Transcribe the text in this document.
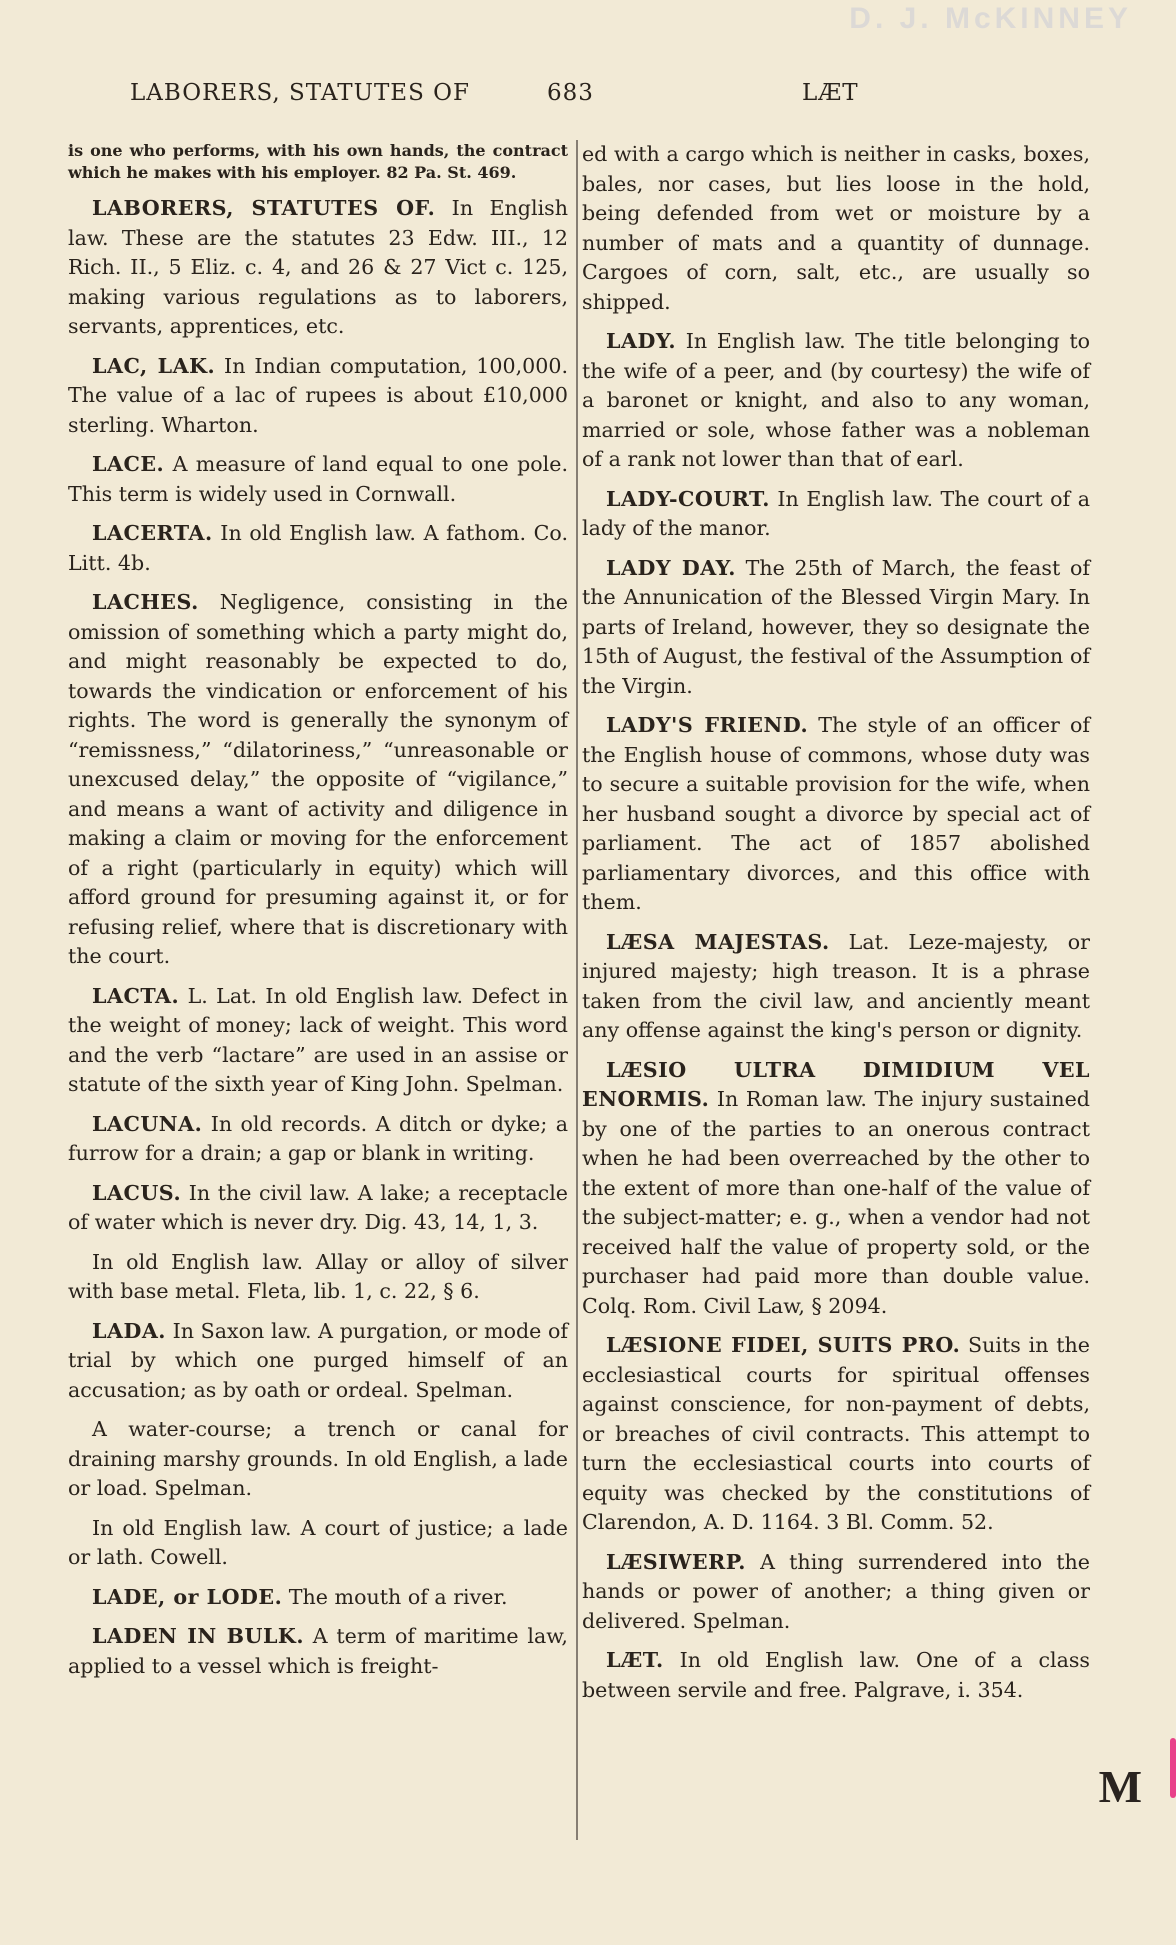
D. J. McKINNEY
LABORERS, STATUTES OF	683	LÆT

is one who performs, with his own hands, the contract which he makes with his employer. 82 Pa. St. 469.

LABORERS, STATUTES OF. In English law. These are the statutes 23 Edw. III., 12 Rich. II., 5 Eliz. c. 4, and 26 & 27 Vict c. 125, making various regulations as to laborers, servants, apprentices, etc.

LAC, LAK. In Indian computation, 100,000. The value of a lac of rupees is about £10,000 sterling. Wharton.

LACE. A measure of land equal to one pole. This term is widely used in Cornwall.

LACERTA. In old English law. A fathom. Co. Litt. 4b.

LACHES. Negligence, consisting in the omission of something which a party might do, and might reasonably be expected to do, towards the vindication or enforcement of his rights. The word is generally the synonym of “remissness,” “dilatoriness,” “unreasonable or unexcused delay,” the opposite of “vigilance,” and means a want of activity and diligence in making a claim or moving for the enforcement of a right (particularly in equity) which will afford ground for presuming against it, or for refusing relief, where that is discretionary with the court.

LACTA. L. Lat. In old English law. Defect in the weight of money; lack of weight. This word and the verb “lactare” are used in an assise or statute of the sixth year of King John. Spelman.

LACUNA. In old records. A ditch or dyke; a furrow for a drain; a gap or blank in writing.

LACUS. In the civil law. A lake; a receptacle of water which is never dry. Dig. 43, 14, 1, 3.

In old English law. Allay or alloy of silver with base metal. Fleta, lib. 1, c. 22, § 6.

LADA. In Saxon law. A purgation, or mode of trial by which one purged himself of an accusation; as by oath or ordeal. Spelman.

A water-course; a trench or canal for draining marshy grounds. In old English, a lade or load. Spelman.

In old English law. A court of justice; a lade or lath. Cowell.

LADE, or LODE. The mouth of a river.

LADEN IN BULK. A term of maritime law, applied to a vessel which is freight-

ed with a cargo which is neither in casks, boxes, bales, nor cases, but lies loose in the hold, being defended from wet or moisture by a number of mats and a quantity of dunnage. Cargoes of corn, salt, etc., are usually so shipped.

LADY. In English law. The title belonging to the wife of a peer, and (by courtesy) the wife of a baronet or knight, and also to any woman, married or sole, whose father was a nobleman of a rank not lower than that of earl.

LADY-COURT. In English law. The court of a lady of the manor.

LADY DAY. The 25th of March, the feast of the Annunication of the Blessed Virgin Mary. In parts of Ireland, however, they so designate the 15th of August, the festival of the Assumption of the Virgin.

LADY'S FRIEND. The style of an officer of the English house of commons, whose duty was to secure a suitable provision for the wife, when her husband sought a divorce by special act of parliament. The act of 1857 abolished parliamentary divorces, and this office with them.

LÆSA MAJESTAS. Lat. Leze-majesty, or injured majesty; high treason. It is a phrase taken from the civil law, and anciently meant any offense against the king's person or dignity.

LÆSIO ULTRA DIMIDIUM VEL ENORMIS. In Roman law. The injury sustained by one of the parties to an onerous contract when he had been overreached by the other to the extent of more than one-half of the value of the subject-matter; e. g., when a vendor had not received half the value of property sold, or the purchaser had paid more than double value. Colq. Rom. Civil Law, § 2094.

LÆSIONE FIDEI, SUITS PRO. Suits in the ecclesiastical courts for spiritual offenses against conscience, for non-payment of debts, or breaches of civil contracts. This attempt to turn the ecclesiastical courts into courts of equity was checked by the constitutions of Clarendon, A. D. 1164. 3 Bl. Comm. 52.

LÆSIWERP. A thing surrendered into the hands or power of another; a thing given or delivered. Spelman.

LÆT. In old English law. One of a class between servile and free. Palgrave, i. 354.

M
